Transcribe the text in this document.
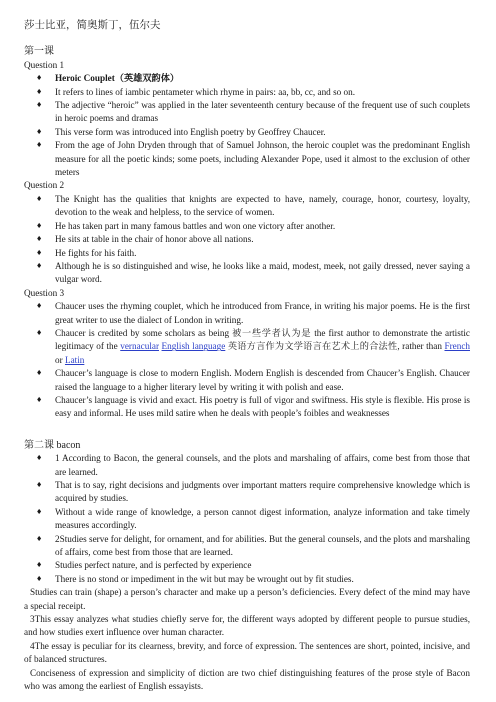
莎士比亚，简奥斯丁，伍尔夫
第一课
Question 1
♦ Heroic Couplet（英雄双韵体）
♦ It refers to lines of iambic pentameter which rhyme in pairs: aa, bb, cc, and so on.
♦ The adjective “heroic” was applied in the later seventeenth century because of the frequent use of such couplets in heroic poems and dramas
♦ This verse form was introduced into English poetry by Geoffrey Chaucer.
♦ From the age of John Dryden through that of Samuel Johnson, the heroic couplet was the predominant English measure for all the poetic kinds; some poets, including Alexander Pope, used it almost to the exclusion of other meters
Question 2
♦ The Knight has the qualities that knights are expected to have, namely, courage, honor, courtesy, loyalty, devotion to the weak and helpless, to the service of women.
♦ He has taken part in many famous battles and won one victory after another.
♦ He sits at table in the chair of honor above all nations.
♦ He fights for his faith.
♦ Although he is so distinguished and wise, he looks like a maid, modest, meek, not gaily dressed, never saying a vulgar word.
Question 3
♦ Chaucer uses the rhyming couplet, which he introduced from France, in writing his major poems. He is the first great writer to use the dialect of London in writing.
♦ Chaucer is credited by some scholars as being 被一些学者认为是 the first author to demonstrate the artistic legitimacy of the vernacular English language 英语方言作为文学语言在艺术上的合法性, rather than French or Latin
♦ Chaucer’s language is close to modern English. Modern English is descended from Chaucer’s English. Chaucer raised the language to a higher literary level by writing it with polish and ease.
♦ Chaucer’s language is vivid and exact. His poetry is full of vigor and swiftness. His style is flexible. His prose is easy and informal. He uses mild satire when he deals with people’s foibles and weaknesses
第二课 bacon
♦ 1 According to Bacon, the general counsels, and the plots and marshaling of affairs, come best from those that are learned.
♦ That is to say, right decisions and judgments over important matters require comprehensive knowledge which is acquired by studies.
♦ Without a wide range of knowledge, a person cannot digest information, analyze information and take timely measures accordingly.
♦ 2Studies serve for delight, for ornament, and for abilities. But the general counsels, and the plots and marshaling of affairs, come best from those that are learned.
♦ Studies perfect nature, and is perfected by experience
♦ There is no stond or impediment in the wit but may be wrought out by fit studies.

Studies can train (shape) a person’s character and make up a person’s deficiencies. Every defect of the mind may have a special receipt.

3This essay analyzes what studies chiefly serve for, the different ways adopted by different people to pursue studies, and how studies exert influence over human character.

4The essay is peculiar for its clearness, brevity, and force of expression. The sentences are short, pointed, incisive, and of balanced structures.

Conciseness of expression and simplicity of diction are two chief distinguishing features of the prose style of Bacon who was among the earliest of English essayists.
